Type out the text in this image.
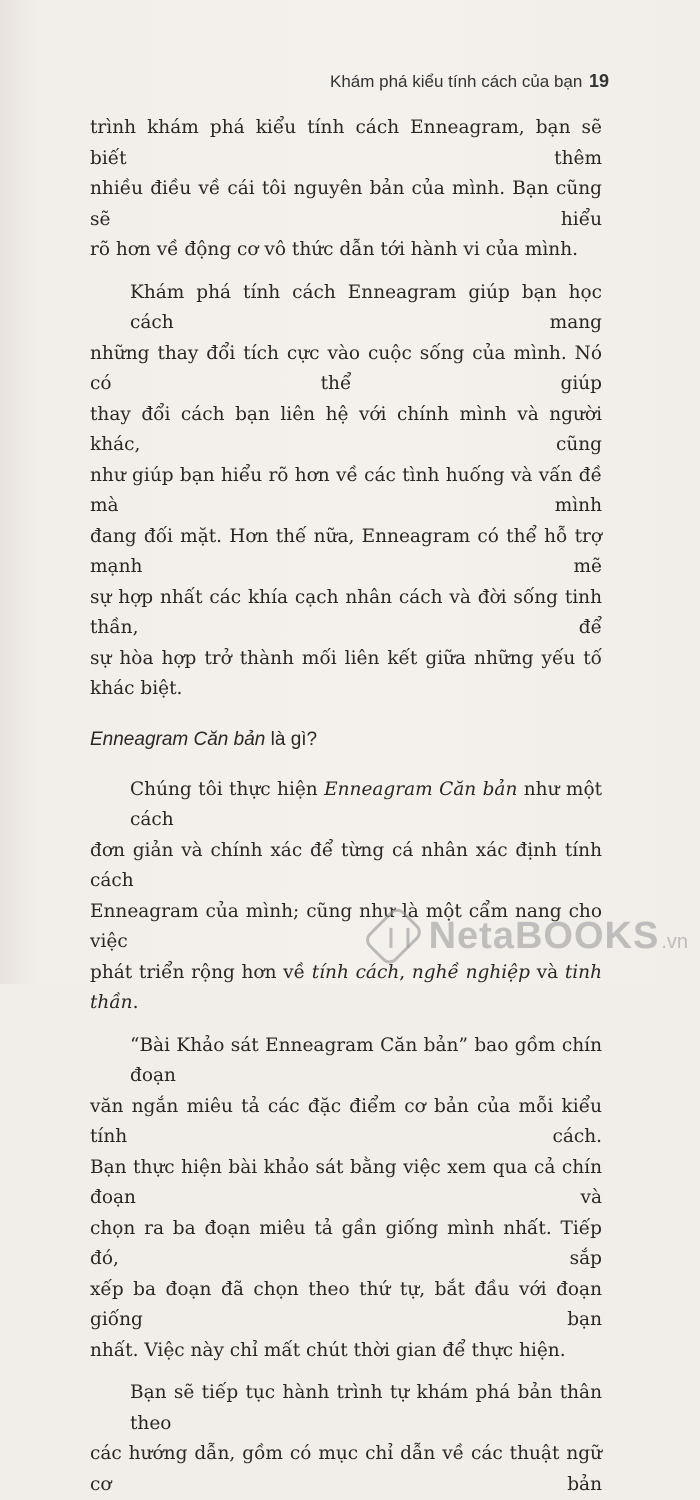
Khám phá kiểu tính cách của bạn 19

trình khám phá kiểu tính cách Enneagram, bạn sẽ biết thêm
nhiều điều về cái tôi nguyên bản của mình. Bạn cũng sẽ hiểu
rõ hơn về động cơ vô thức dẫn tới hành vi của mình.

Khám phá tính cách Enneagram giúp bạn học cách mang
những thay đổi tích cực vào cuộc sống của mình. Nó có thể giúp
thay đổi cách bạn liên hệ với chính mình và người khác, cũng
như giúp bạn hiểu rõ hơn về các tình huống và vấn đề mà mình
đang đối mặt. Hơn thế nữa, Enneagram có thể hỗ trợ mạnh mẽ
sự hợp nhất các khía cạch nhân cách và đời sống tinh thần, để
sự hòa hợp trở thành mối liên kết giữa những yếu tố khác biệt.

Enneagram Căn bản là gì?

Chúng tôi thực hiện Enneagram Căn bản như một cách
đơn giản và chính xác để từng cá nhân xác định tính cách
Enneagram của mình; cũng như là một cẩm nang cho việc
phát triển rộng hơn về tính cách, nghề nghiệp và tinh thần.

“Bài Khảo sát Enneagram Căn bản” bao gồm chín đoạn
văn ngắn miêu tả các đặc điểm cơ bản của mỗi kiểu tính cách.
Bạn thực hiện bài khảo sát bằng việc xem qua cả chín đoạn và
chọn ra ba đoạn miêu tả gần giống mình nhất. Tiếp đó, sắp
xếp ba đoạn đã chọn theo thứ tự, bắt đầu với đoạn giống bạn
nhất. Việc này chỉ mất chút thời gian để thực hiện.

Bạn sẽ tiếp tục hành trình tự khám phá bản thân theo
các hướng dẫn, gồm có mục chỉ dẫn về các thuật ngữ cơ bản

NetaBOOKS .vn
